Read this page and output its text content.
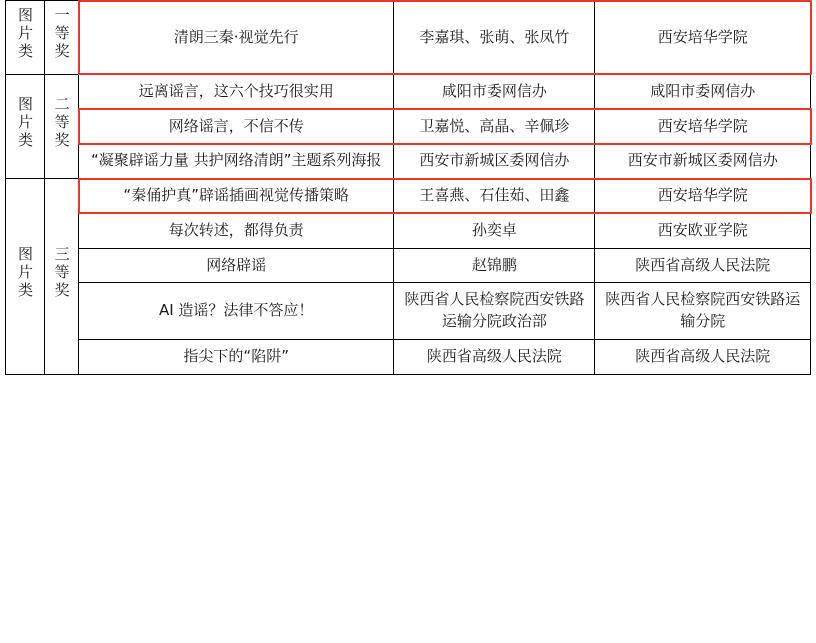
图片类	一等奖	清朗三秦·视觉先行	李嘉琪、张萌、张凤竹	西安培华学院
图片类	二等奖	远离谣言，这六个技巧很实用	咸阳市委网信办	咸阳市委网信办
		网络谣言，不信不传	卫嘉悦、高晶、辛佩珍	西安培华学院
		“凝聚辟谣力量 共护网络清朗”主题系列海报	西安市新城区委网信办	西安市新城区委网信办
图片类	三等奖	“秦俑护真”辟谣插画视觉传播策略	王喜燕、石佳茹、田鑫	西安培华学院
		每次转述，都得负责	孙奕卓	西安欧亚学院
		网络辟谣	赵锦鹏	陕西省高级人民法院
		AI 造谣？法律不答应！	陕西省人民检察院西安铁路运输分院政治部	陕西省人民检察院西安铁路运输分院
		指尖下的“陷阱”	陕西省高级人民法院	陕西省高级人民法院
